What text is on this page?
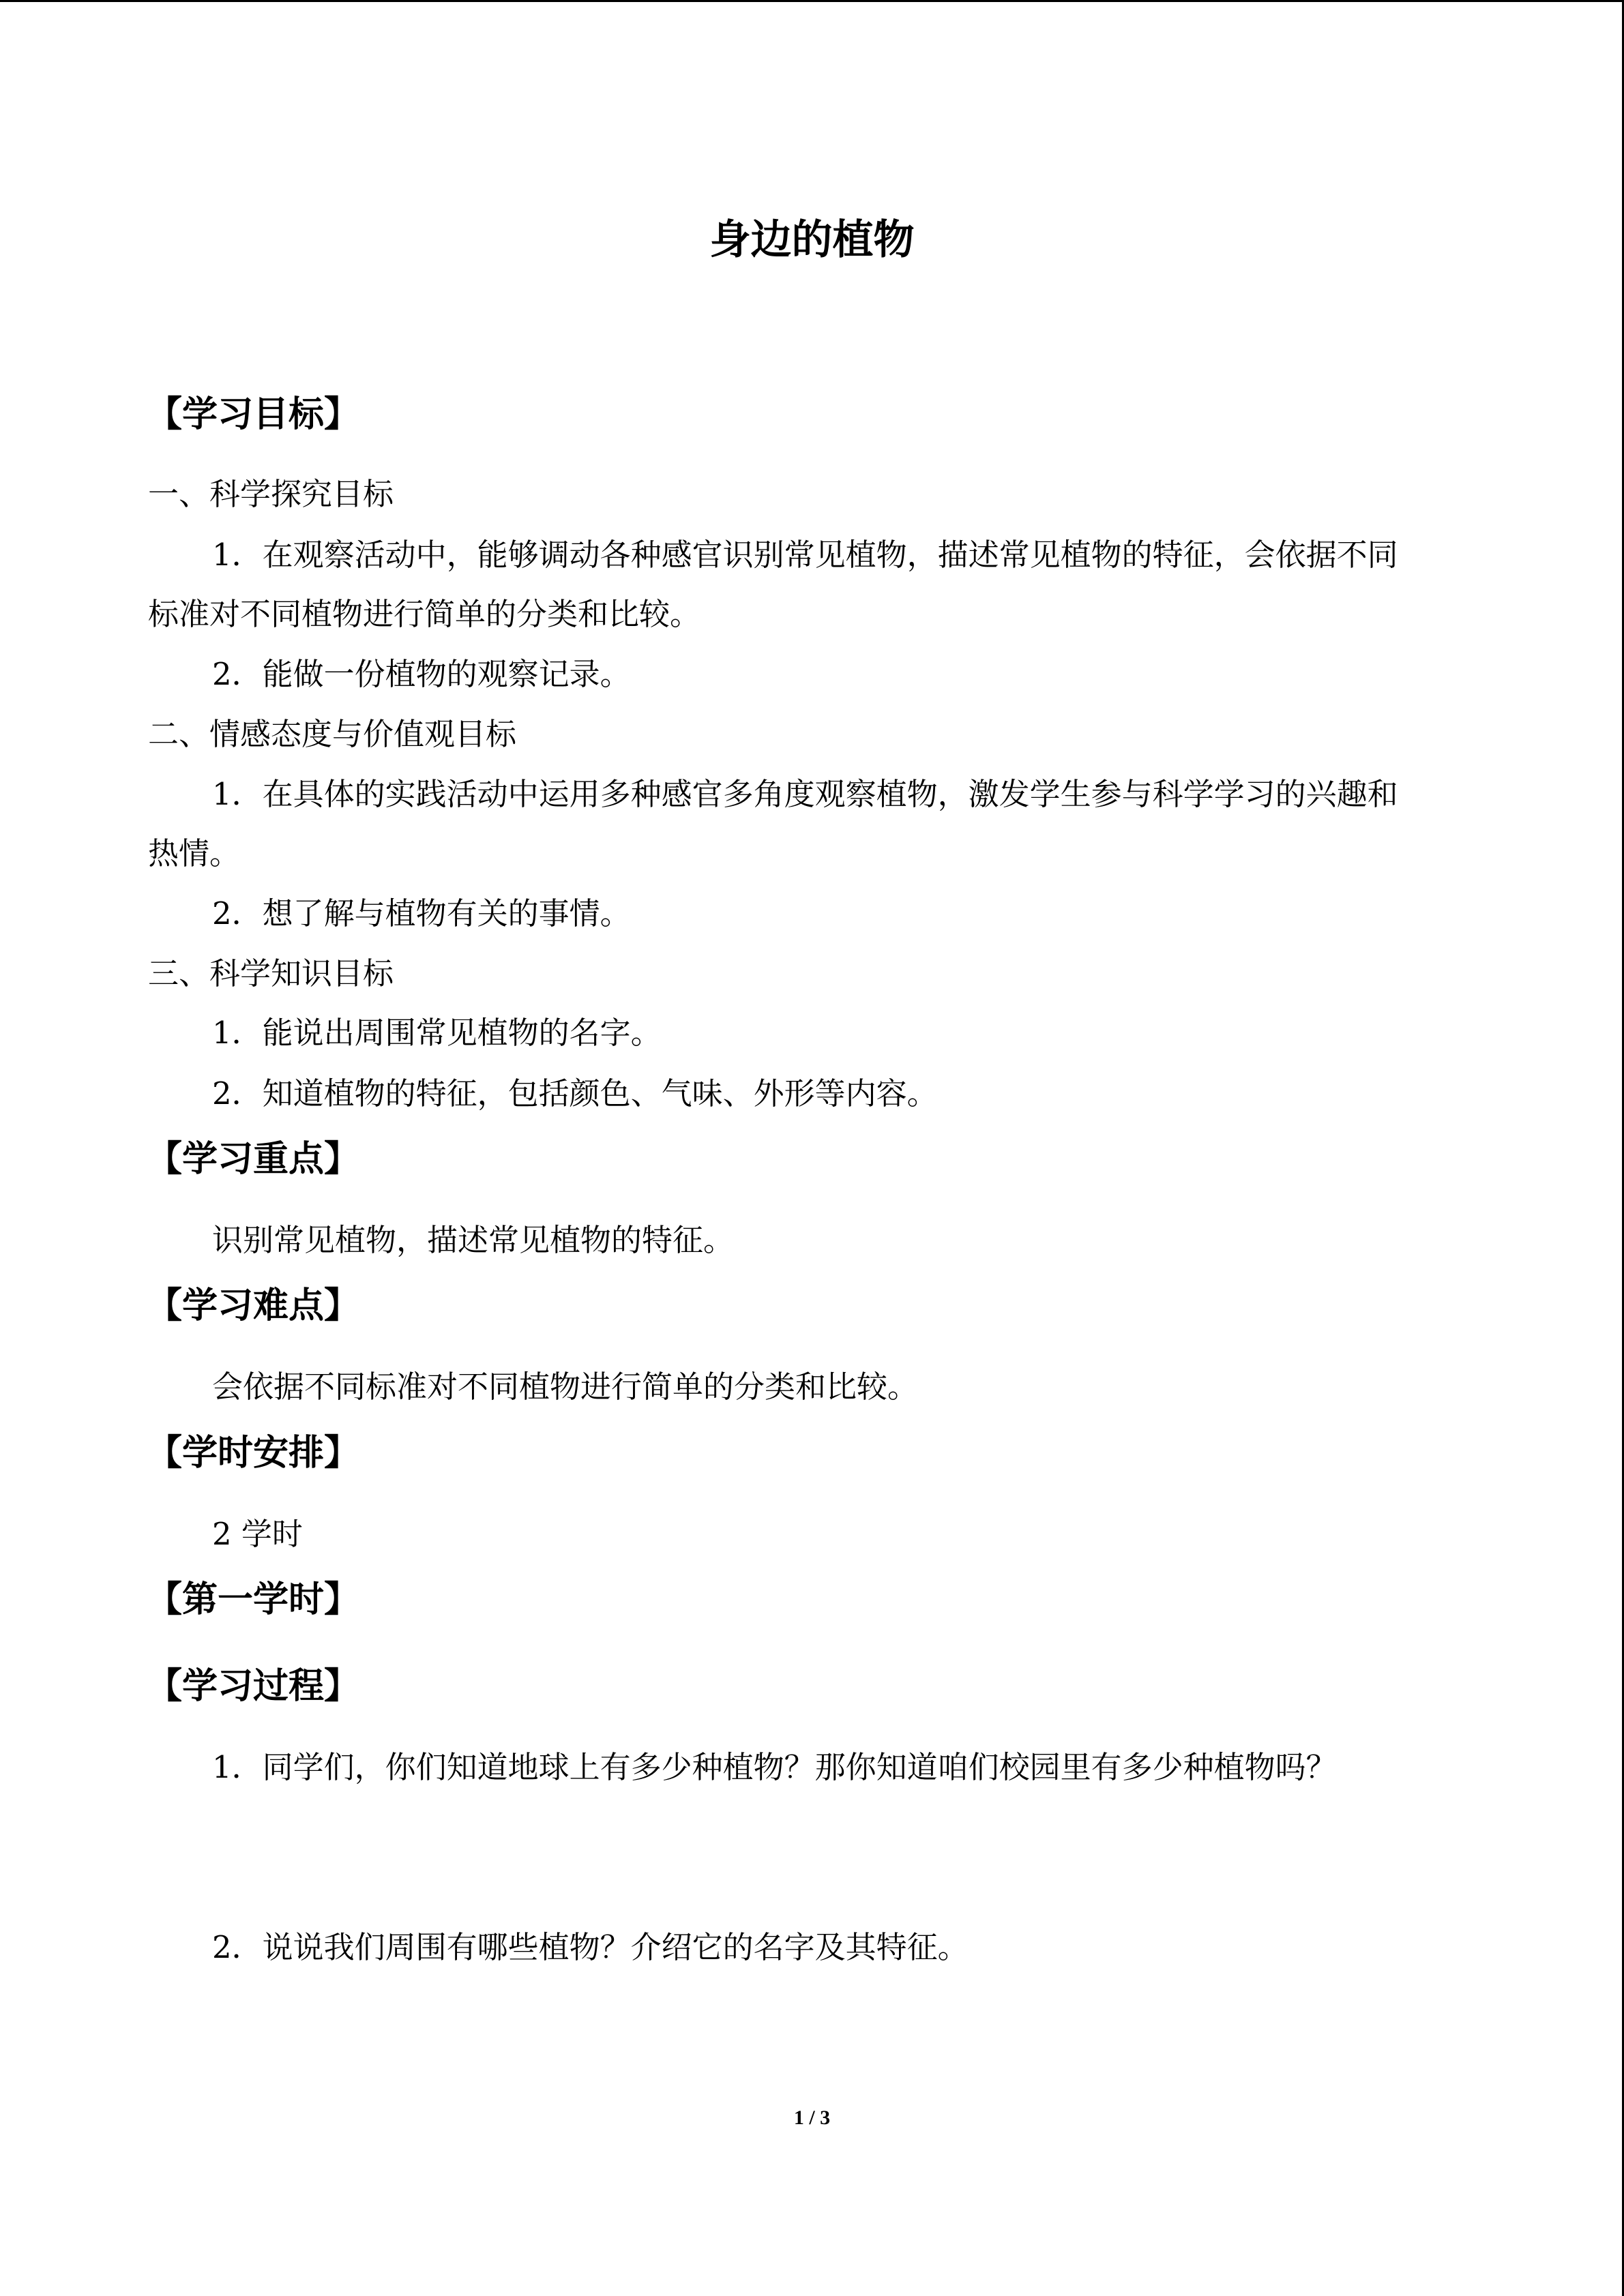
身边的植物
【学习目标】
一、科学探究目标
1．在观察活动中，能够调动各种感官识别常见植物，描述常见植物的特征，会依据不同
标准对不同植物进行简单的分类和比较。
2．能做一份植物的观察记录。
二、情感态度与价值观目标
1．在具体的实践活动中运用多种感官多角度观察植物，激发学生参与科学学习的兴趣和
热情。
2．想了解与植物有关的事情。
三、科学知识目标
1．能说出周围常见植物的名字。
2．知道植物的特征，包括颜色、气味、外形等内容。
【学习重点】
识别常见植物，描述常见植物的特征。
【学习难点】
会依据不同标准对不同植物进行简单的分类和比较。
【学时安排】
2 学时
【第一学时】
【学习过程】
1．同学们，你们知道地球上有多少种植物？那你知道咱们校园里有多少种植物吗？
2．说说我们周围有哪些植物？介绍它的名字及其特征。
1 / 3
